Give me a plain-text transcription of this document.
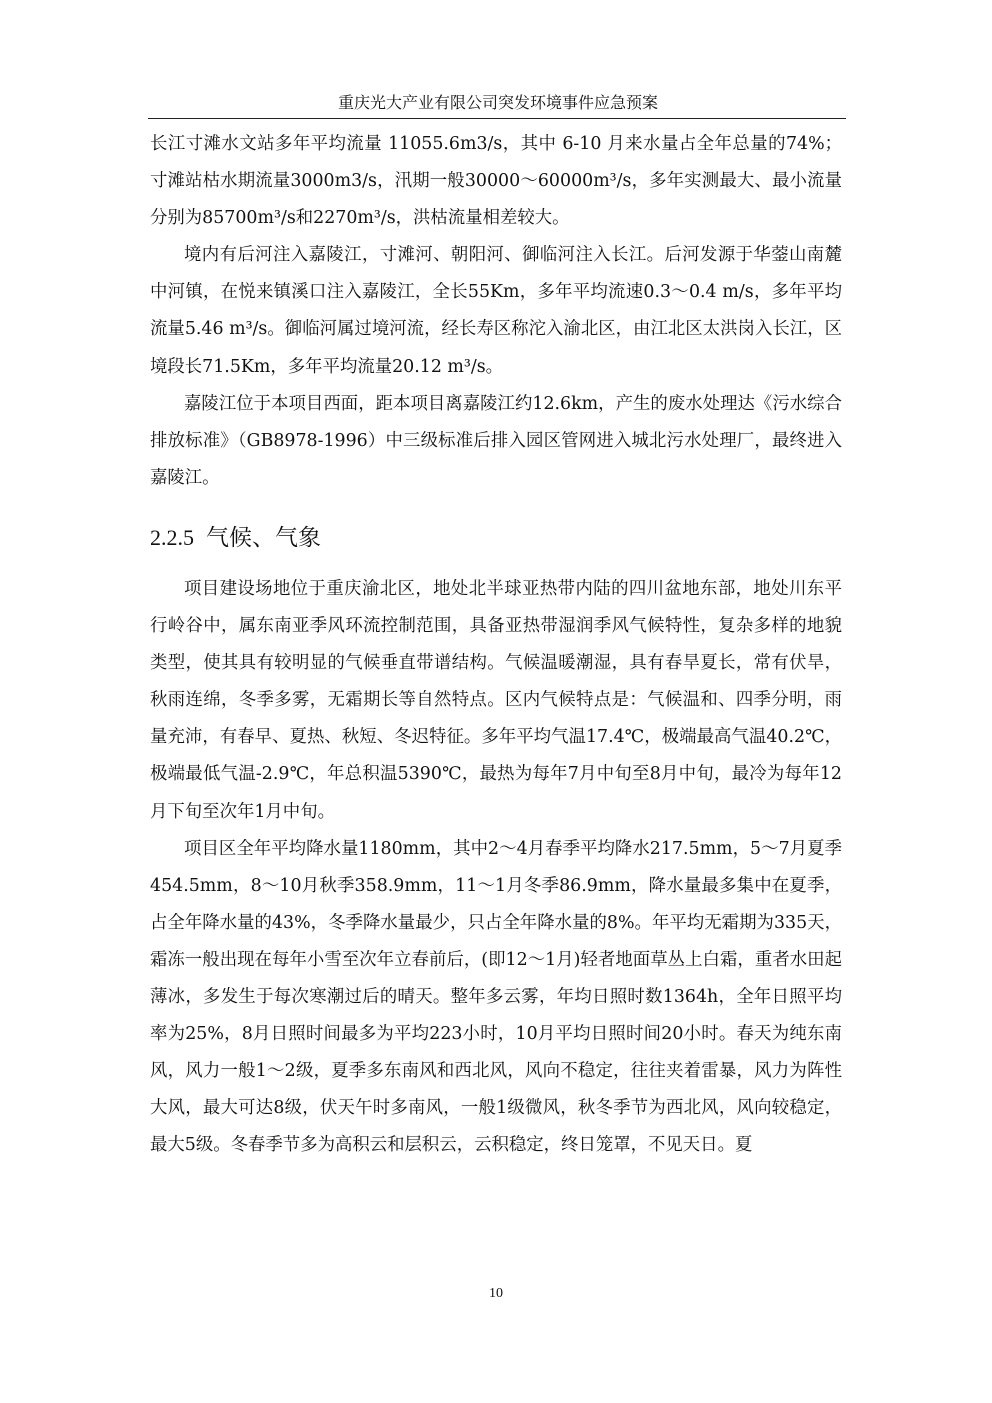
重庆光大产业有限公司突发环境事件应急预案

长江寸滩水文站多年平均流量 11055.6m3/s，其中 6-10 月来水量占全年总量的74%；寸滩站枯水期流量3000m3/s，汛期一般30000～60000m³/s，多年实测最大、最小流量分别为85700m³/s和2270m³/s，洪枯流量相差较大。

境内有后河注入嘉陵江，寸滩河、朝阳河、御临河注入长江。后河发源于华蓥山南麓中河镇，在悦来镇溪口注入嘉陵江，全长55Km，多年平均流速0.3～0.4 m/s，多年平均流量5.46 m³/s。御临河属过境河流，经长寿区称沱入渝北区，由江北区太洪岗入长江，区境段长71.5Km，多年平均流量20.12 m³/s。

嘉陵江位于本项目西面，距本项目离嘉陵江约12.6km，产生的废水处理达《污水综合排放标准》（GB8978-1996）中三级标准后排入园区管网进入城北污水处理厂，最终进入嘉陵江。

2.2.5 气候、气象

项目建设场地位于重庆渝北区，地处北半球亚热带内陆的四川盆地东部，地处川东平行岭谷中，属东南亚季风环流控制范围，具备亚热带湿润季风气候特性，复杂多样的地貌类型，使其具有较明显的气候垂直带谱结构。气候温暖潮湿，具有春旱夏长，常有伏旱，秋雨连绵，冬季多雾，无霜期长等自然特点。区内气候特点是：气候温和、四季分明，雨量充沛，有春早、夏热、秋短、冬迟特征。多年平均气温17.4℃，极端最高气温40.2℃，极端最低气温-2.9℃，年总积温5390℃，最热为每年7月中旬至8月中旬，最冷为每年12月下旬至次年1月中旬。

项目区全年平均降水量1180mm，其中2～4月春季平均降水217.5mm，5～7月夏季454.5mm，8～10月秋季358.9mm，11～1月冬季86.9mm，降水量最多集中在夏季，占全年降水量的43%，冬季降水量最少，只占全年降水量的8%。年平均无霜期为335天，霜冻一般出现在每年小雪至次年立春前后，(即12～1月)轻者地面草丛上白霜，重者水田起薄冰，多发生于每次寒潮过后的晴天。整年多云雾，年均日照时数1364h，全年日照平均率为25%，8月日照时间最多为平均223小时，10月平均日照时间20小时。春天为纯东南风，风力一般1～2级，夏季多东南风和西北风，风向不稳定，往往夹着雷暴，风力为阵性大风，最大可达8级，伏天午时多南风，一般1级微风，秋冬季节为西北风，风向较稳定，最大5级。冬春季节多为高积云和层积云，云积稳定，终日笼罩，不见天日。夏

10
